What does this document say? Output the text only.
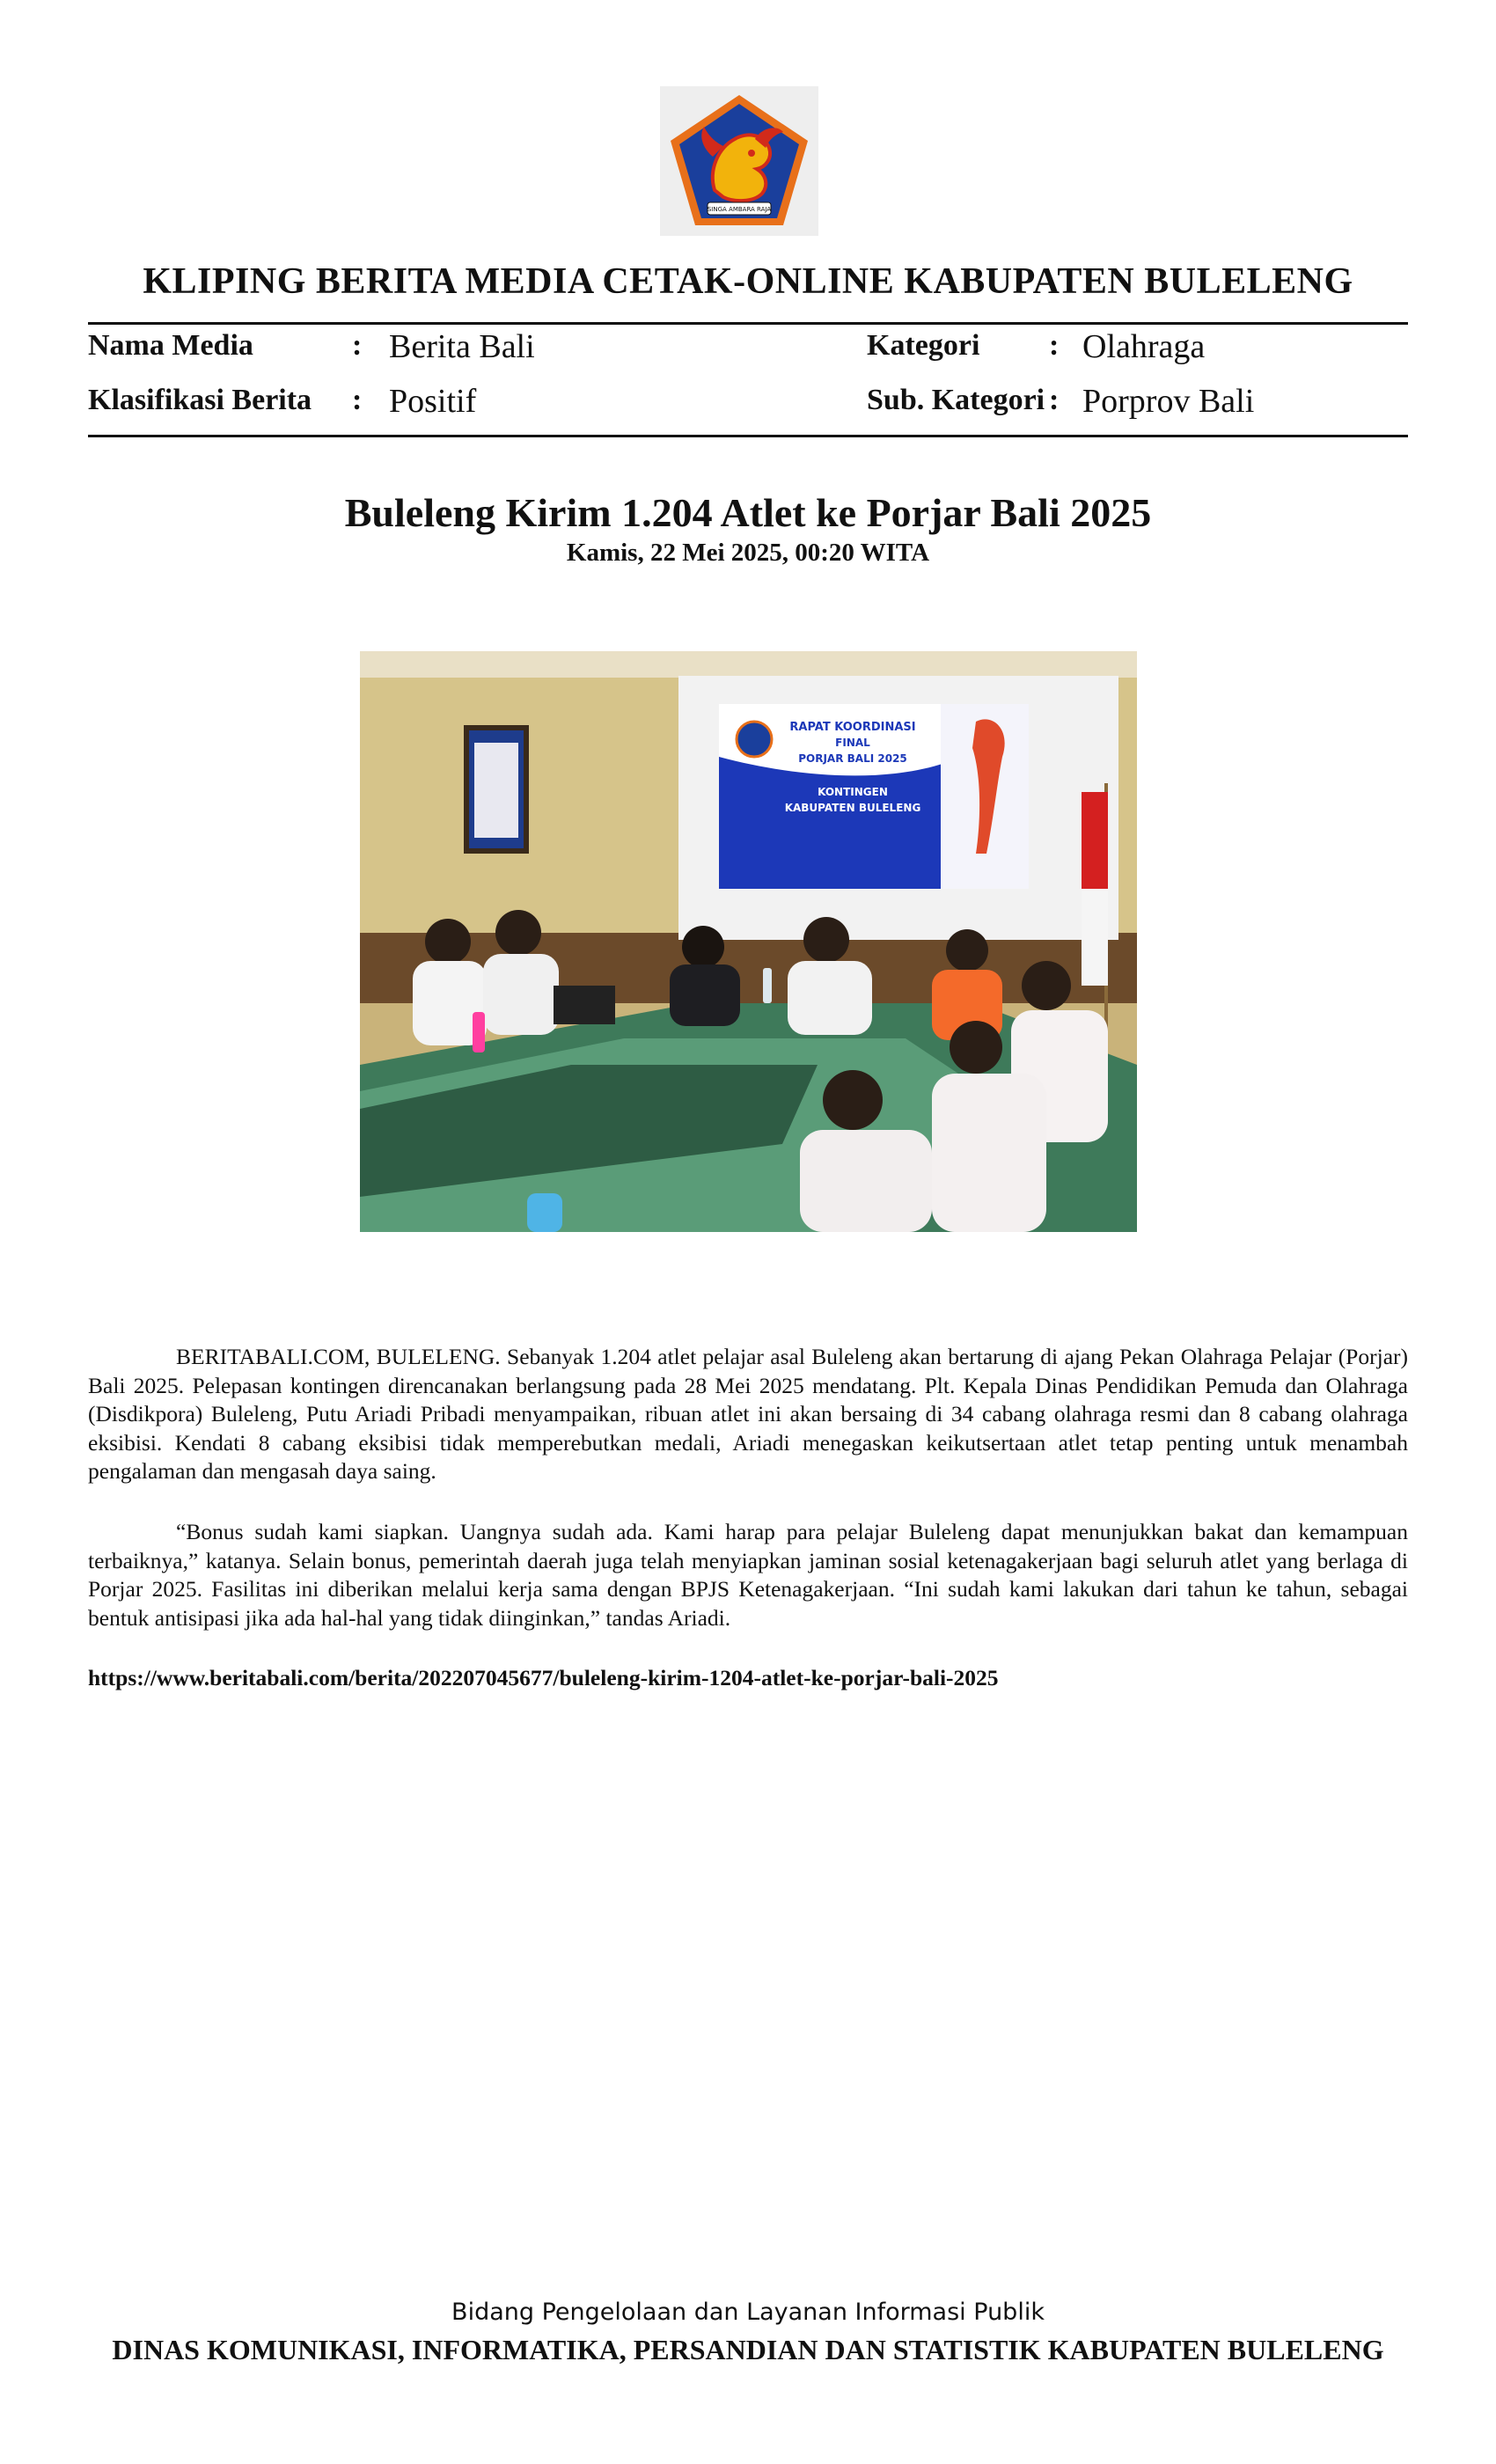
SINGA AMBARA RAJA
KLIPING BERITA MEDIA CETAK-ONLINE KABUPATEN BULELENG
Nama Media	: Berita Bali
Klasifikasi Berita : Positif
Kategori : Olahraga
Sub. Kategori : Porprov Bali
Buleleng Kirim 1.204 Atlet ke Porjar Bali 2025
Kamis, 22 Mei 2025, 00:20 WITA
RAPAT KOORDINASI
FINAL
PORJAR BALI 2025
KONTINGEN
KABUPATEN BULELENG

BERITABALI.COM, BULELENG. Sebanyak 1.204 atlet pelajar asal Buleleng akan bertarung di ajang Pekan Olahraga Pelajar (Porjar) Bali 2025. Pelepasan kontingen direncanakan berlangsung pada 28 Mei 2025 mendatang. Plt. Kepala Dinas Pendidikan Pemuda dan Olahraga (Disdikpora) Buleleng, Putu Ariadi Pribadi menyampaikan, ribuan atlet ini akan bersaing di 34 cabang olahraga resmi dan 8 cabang olahraga eksibisi. Kendati 8 cabang eksibisi tidak memperebutkan medali, Ariadi menegaskan keikutsertaan atlet tetap penting untuk menambah pengalaman dan mengasah daya saing.

“Bonus sudah kami siapkan. Uangnya sudah ada. Kami harap para pelajar Buleleng dapat menunjukkan bakat dan kemampuan terbaiknya,” katanya. Selain bonus, pemerintah daerah juga telah menyiapkan jaminan sosial ketenagakerjaan bagi seluruh atlet yang berlaga di Porjar 2025. Fasilitas ini diberikan melalui kerja sama dengan BPJS Ketenagakerjaan. “Ini sudah kami lakukan dari tahun ke tahun, sebagai bentuk antisipasi jika ada hal-hal yang tidak diinginkan,” tandas Ariadi.

https://www.beritabali.com/berita/202207045677/buleleng-kirim-1204-atlet-ke-porjar-bali-2025
Bidang Pengelolaan dan Layanan Informasi Publik
DINAS KOMUNIKASI, INFORMATIKA, PERSANDIAN DAN STATISTIK KABUPATEN BULELENG
